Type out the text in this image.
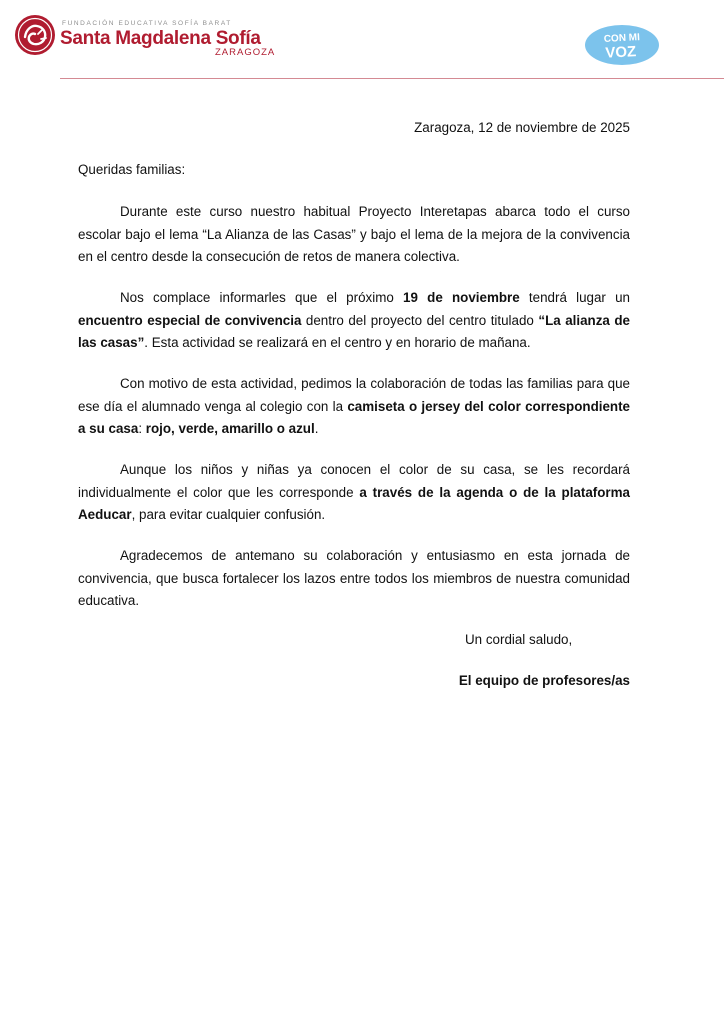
FUNDACIÓN EDUCATIVA SOFÍA BARAT
Santa Magdalena Sofía
ZARAGOZA
CON MI
VOZ
Zaragoza, 12 de noviembre de 2025
Queridas familias:

Durante este curso nuestro habitual Proyecto Interetapas abarca todo el curso escolar bajo el lema “La Alianza de las Casas” y bajo el lema de la mejora de la convivencia en el centro desde la consecución de retos de manera colectiva.

Nos complace informarles que el próximo 19 de noviembre tendrá lugar un encuentro especial de convivencia dentro del proyecto del centro titulado “La alianza de las casas”. Esta actividad se realizará en el centro y en horario de mañana.

Con motivo de esta actividad, pedimos la colaboración de todas las familias para que ese día el alumnado venga al colegio con la camiseta o jersey del color correspondiente a su casa: rojo, verde, amarillo o azul.

Aunque los niños y niñas ya conocen el color de su casa, se les recordará individualmente el color que les corresponde a través de la agenda o de la plataforma Aeducar, para evitar cualquier confusión.

Agradecemos de antemano su colaboración y entusiasmo en esta jornada de convivencia, que busca fortalecer los lazos entre todos los miembros de nuestra comunidad educativa.

Un cordial saludo,
El equipo de profesores/as
